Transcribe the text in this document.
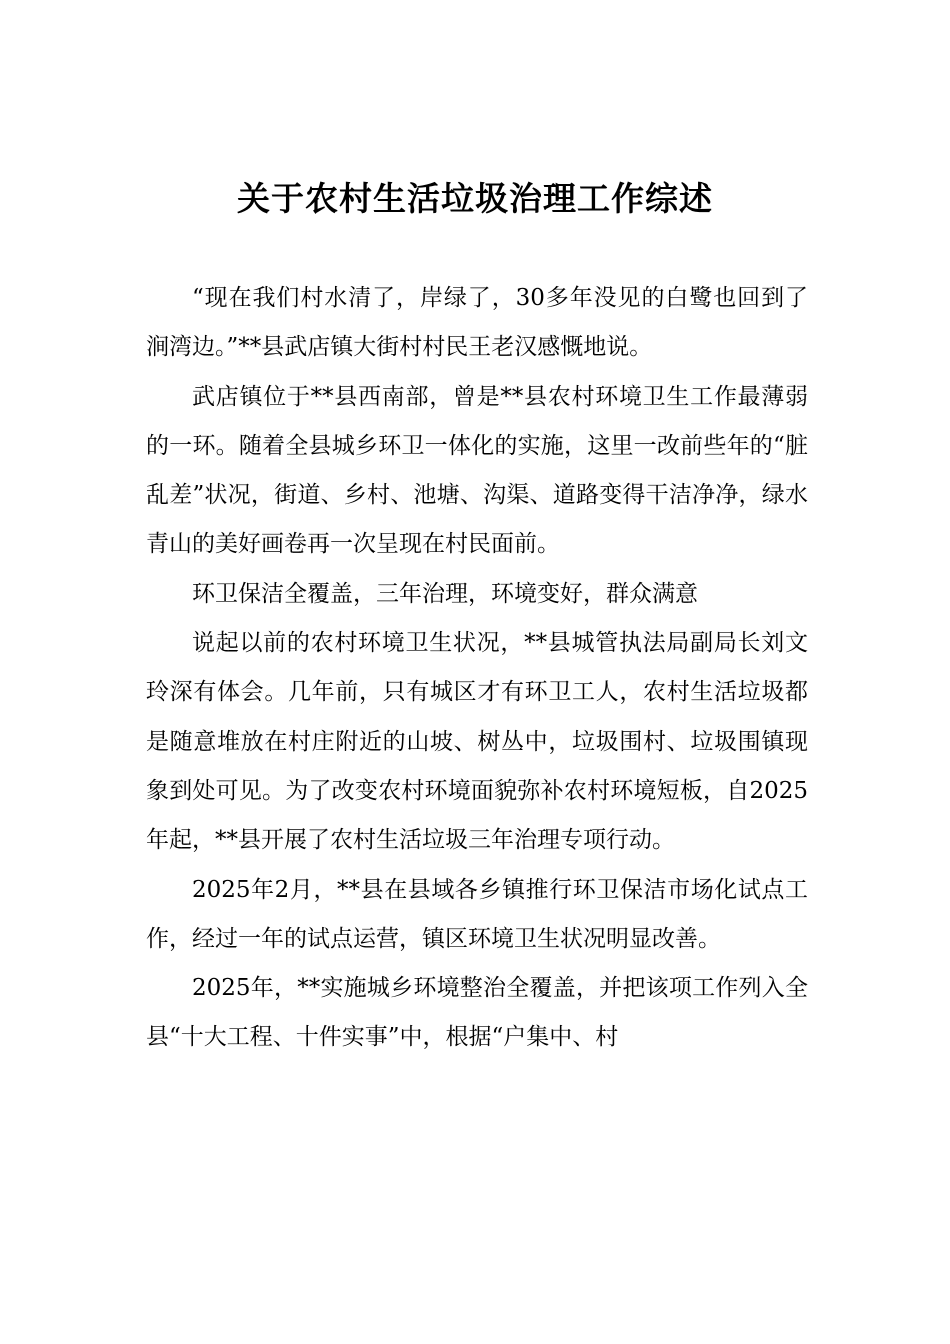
关于农村生活垃圾治理工作综述

“现在我们村水清了，岸绿了，30多年没见的白鹭也回到了涧湾边。”**县武店镇大街村村民王老汉感慨地说。

武店镇位于**县西南部，曾是**县农村环境卫生工作最薄弱的一环。随着全县城乡环卫一体化的实施，这里一改前些年的“脏乱差”状况，街道、乡村、池塘、沟渠、道路变得干洁净净，绿水青山的美好画卷再一次呈现在村民面前。

环卫保洁全覆盖，三年治理，环境变好，群众满意

说起以前的农村环境卫生状况，**县城管执法局副局长刘文玲深有体会。几年前，只有城区才有环卫工人，农村生活垃圾都是随意堆放在村庄附近的山坡、树丛中，垃圾围村、垃圾围镇现象到处可见。为了改变农村环境面貌弥补农村环境短板，自2025年起，**县开展了农村生活垃圾三年治理专项行动。

2025年2月，**县在县域各乡镇推行环卫保洁市场化试点工作，经过一年的试点运营，镇区环境卫生状况明显改善。

2025年，**实施城乡环境整治全覆盖，并把该项工作列入全县“十大工程、十件实事”中，根据“户集中、村
